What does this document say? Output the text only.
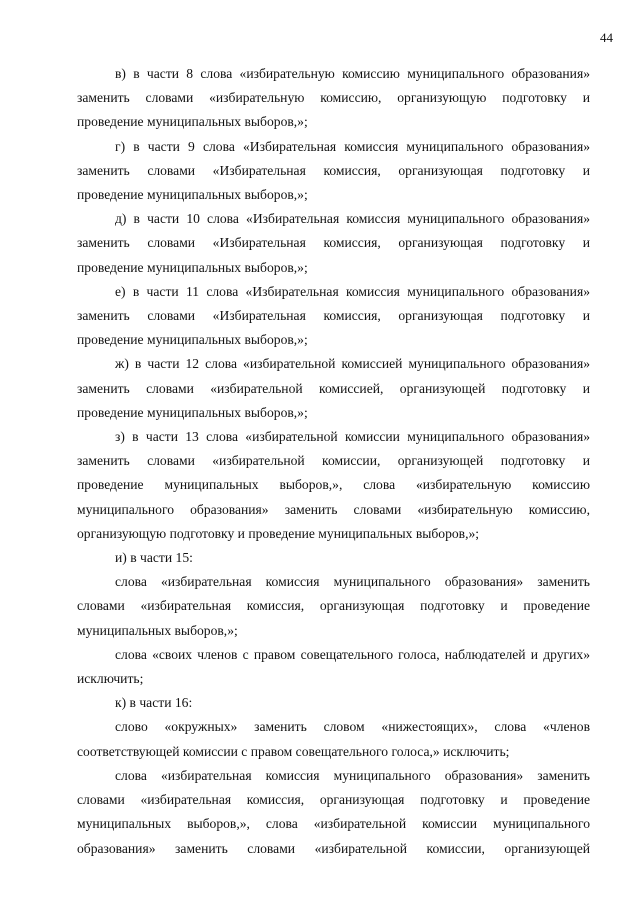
44
в) в части 8 слова «избирательную комиссию муниципального образования»
заменить словами «избирательную комиссию, организующую подготовку и
проведение муниципальных выборов,»;
г) в части 9 слова «Избирательная комиссия муниципального образования»
заменить словами «Избирательная комиссия, организующая подготовку и
проведение муниципальных выборов,»;
д) в части 10 слова «Избирательная комиссия муниципального образования»
заменить словами «Избирательная комиссия, организующая подготовку и
проведение муниципальных выборов,»;
е) в части 11 слова «Избирательная комиссия муниципального образования»
заменить словами «Избирательная комиссия, организующая подготовку и
проведение муниципальных выборов,»;
ж) в части 12 слова «избирательной комиссией муниципального образования»
заменить словами «избирательной комиссией, организующей подготовку и
проведение муниципальных выборов,»;
з) в части 13 слова «избирательной комиссии муниципального образования»
заменить словами «избирательной комиссии, организующей подготовку и
проведение муниципальных выборов,», слова «избирательную комиссию
муниципального образования» заменить словами «избирательную комиссию,
организующую подготовку и проведение муниципальных выборов,»;
и) в части 15:
слова «избирательная комиссия муниципального образования» заменить
словами «избирательная комиссия, организующая подготовку и проведение
муниципальных выборов,»;
слова «своих членов с правом совещательного голоса, наблюдателей и других»
исключить;
к) в части 16:
слово «окружных» заменить словом «нижестоящих», слова «членов
соответствующей комиссии с правом совещательного голоса,» исключить;
слова «избирательная комиссия муниципального образования» заменить
словами «избирательная комиссия, организующая подготовку и проведение
муниципальных выборов,», слова «избирательной комиссии муниципального
образования» заменить словами «избирательной комиссии, организующей
